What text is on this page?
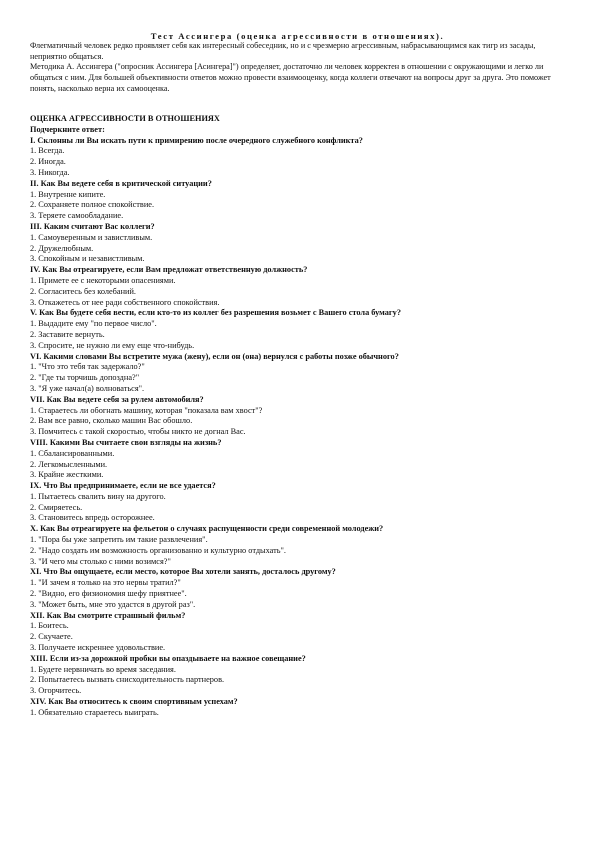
Тест Ассингера (оценка агрессивности в отношениях).

Флегматичный человек редко проявляет себя как интересный собеседник, но и с чрезмерно агрессивным, набрасывающимся как тигр из засады, неприятно общаться.

Методика А. Ассингера ("опросник Ассингера [Асингера]") определяет, достаточно ли человек корректен в отношении с окружающими и легко ли общаться с ним. Для большей объективности ответов можно провести взаимооценку, когда коллеги отвечают на вопросы друг за друга. Это поможет понять, насколько верна их самооценка.

ОЦЕНКА АГРЕССИВНОСТИ В ОТНОШЕНИЯХ
Подчеркните ответ:
I. Склонны ли Вы искать пути к примирению после очередного служебного конфликта?
1. Всегда.
2. Иногда.
3. Никогда.
II. Как Вы ведете себя в критической ситуации?
1. Внутренне кипите.
2. Сохраняете полное спокойствие.
3. Теряете самообладание.
III. Каким считают Вас коллеги?
1. Самоуверенным и завистливым.
2. Дружелюбным.
3. Спокойным и независтливым.
IV. Как Вы отреагируете, если Вам предложат ответственную должность?
1. Примете ее с некоторыми опасениями.
2. Согласитесь без колебаний.
3. Откажетесь от нее ради собственного спокойствия.
V. Как Вы будете себя вести, если кто-то из коллег без разрешения возьмет с Вашего стола бумагу?
1. Выдадите ему "по первое число".
2. Заставите вернуть.
3. Спросите, не нужно ли ему еще что-нибудь.
VI. Какими словами Вы встретите мужа (жену), если он (она) вернулся с работы позже обычного?
1. "Что это тебя так задержало?"
2. "Где ты торчишь допоздна?"
3. "Я уже начал(а) волноваться".
VII. Как Вы ведете себя за рулем автомобиля?
1. Стараетесь ли обогнать машину, которая "показала вам хвост"?
2. Вам все равно, сколько машин Вас обошло.
3. Помчитесь с такой скоростью, чтобы никто не догнал Вас.
VIII. Какими Вы считаете свои взгляды на жизнь?
1. Сбалансированными.
2. Легкомысленными.
3. Крайне жесткими.
IX. Что Вы предпринимаете, если не все удается?
1. Пытаетесь свалить вину на другого.
2. Смиряетесь.
3. Становитесь впредь осторожнее.
X. Как Вы отреагируете на фельетон о случаях распущенности среди современной молодежи?
1. "Пора бы уже запретить им такие развлечения".
2. "Надо создать им возможность организованно и культурно отдыхать".
3. "И чего мы столько с ними возимся?"
XI. Что Вы ощущаете, если место, которое Вы хотели занять, досталось другому?
1. "И зачем я только на это нервы тратил?"
2. "Видно, его физиономия шефу приятнее".
3. "Может быть, мне это удастся в другой раз".
XII. Как Вы смотрите страшный фильм?
1. Боитесь.
2. Скучаете.
3. Получаете искреннее удовольствие.
XIII. Если из-за дорожной пробки вы опаздываете на важное совещание?
1. Будете нервничать во время заседания.
2. Попытаетесь вызвать снисходительность партнеров.
3. Огорчитесь.
XIV. Как Вы относитесь к своим спортивным успехам?
1. Обязательно стараетесь выиграть.
